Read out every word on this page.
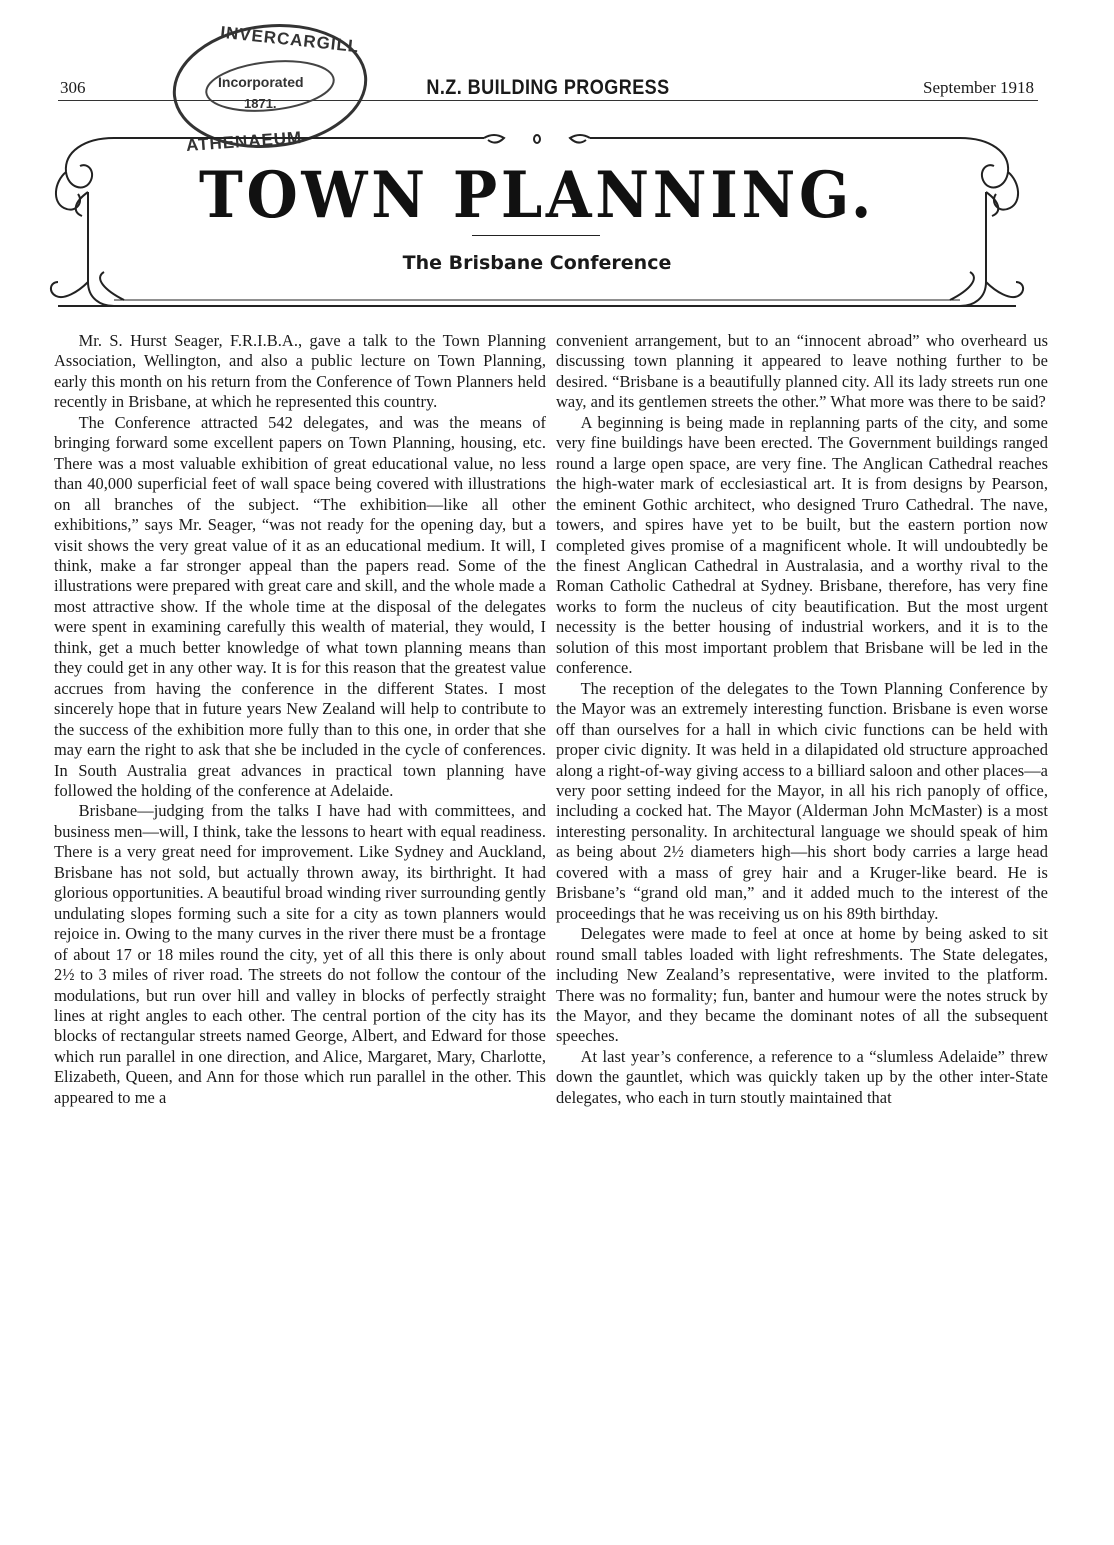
306	N.Z. BUILDING PROGRESS	September 1918
INVERCARGILL
Incorporated
1871.
ATHENAEUM
TOWN PLANNING.
The Brisbane Conference

Mr. S. Hurst Seager, F.R.I.B.A., gave a talk to the Town Planning Association, Wellington, and also a public lecture on Town Planning, early this month on his return from the Conference of Town Planners held recently in Brisbane, at which he represented this country.

The Conference attracted 542 delegates, and was the means of bringing forward some excellent papers on Town Planning, housing, etc. There was a most valuable exhibition of great educational value, no less than 40,000 superficial feet of wall space being covered with illustrations on all branches of the subject. “The exhibition—like all other exhibitions,” says Mr. Seager, “was not ready for the opening day, but a visit shows the very great value of it as an educational medium. It will, I think, make a far stronger appeal than the papers read. Some of the illustrations were prepared with great care and skill, and the whole made a most attractive show. If the whole time at the disposal of the delegates were spent in examining carefully this wealth of material, they would, I think, get a much better knowledge of what town planning means than they could get in any other way. It is for this reason that the greatest value accrues from having the conference in the different States. I most sincerely hope that in future years New Zealand will help to contribute to the success of the exhibition more fully than to this one, in order that she may earn the right to ask that she be included in the cycle of conferences. In South Australia great advances in practical town planning have followed the holding of the conference at Adelaide.

Brisbane—judging from the talks I have had with committees, and business men—will, I think, take the lessons to heart with equal readiness. There is a very great need for improvement. Like Sydney and Auckland, Brisbane has not sold, but actually thrown away, its birthright. It had glorious opportunities. A beautiful broad winding river surrounding gently undulating slopes forming such a site for a city as town planners would rejoice in. Owing to the many curves in the river there must be a frontage of about 17 or 18 miles round the city, yet of all this there is only about 2½ to 3 miles of river road. The streets do not follow the contour of the modulations, but run over hill and valley in blocks of perfectly straight lines at right angles to each other. The central portion of the city has its blocks of rectangular streets named George, Albert, and Edward for those which run parallel in one direction, and Alice, Margaret, Mary, Charlotte, Elizabeth, Queen, and Ann for those which run parallel in the other. This appeared to me a

convenient arrangement, but to an “innocent abroad” who overheard us discussing town planning it appeared to leave nothing further to be desired. “Brisbane is a beautifully planned city. All its lady streets run one way, and its gentlemen streets the other.” What more was there to be said?

A beginning is being made in replanning parts of the city, and some very fine buildings have been erected. The Government buildings ranged round a large open space, are very fine. The Anglican Cathedral reaches the high-water mark of ecclesiastical art. It is from designs by Pearson, the eminent Gothic architect, who designed Truro Cathedral. The nave, towers, and spires have yet to be built, but the eastern portion now completed gives promise of a magnificent whole. It will undoubtedly be the finest Anglican Cathedral in Australasia, and a worthy rival to the Roman Catholic Cathedral at Sydney. Brisbane, therefore, has very fine works to form the nucleus of city beautification. But the most urgent necessity is the better housing of industrial workers, and it is to the solution of this most important problem that Brisbane will be led in the conference.

The reception of the delegates to the Town Planning Conference by the Mayor was an extremely interesting function. Brisbane is even worse off than ourselves for a hall in which civic functions can be held with proper civic dignity. It was held in a dilapidated old structure approached along a right-of-way giving access to a billiard saloon and other places—a very poor setting indeed for the Mayor, in all his rich panoply of office, including a cocked hat. The Mayor (Alderman John McMaster) is a most interesting personality. In architectural language we should speak of him as being about 2½ diameters high—his short body carries a large head covered with a mass of grey hair and a Kruger-like beard. He is Brisbane’s “grand old man,” and it added much to the interest of the proceedings that he was receiving us on his 89th birthday.

Delegates were made to feel at once at home by being asked to sit round small tables loaded with light refreshments. The State delegates, including New Zealand’s representative, were invited to the platform. There was no formality; fun, banter and humour were the notes struck by the Mayor, and they became the dominant notes of all the subsequent speeches.

At last year’s conference, a reference to a “slumless Adelaide” threw down the gauntlet, which was quickly taken up by the other inter-State delegates, who each in turn stoutly maintained that
